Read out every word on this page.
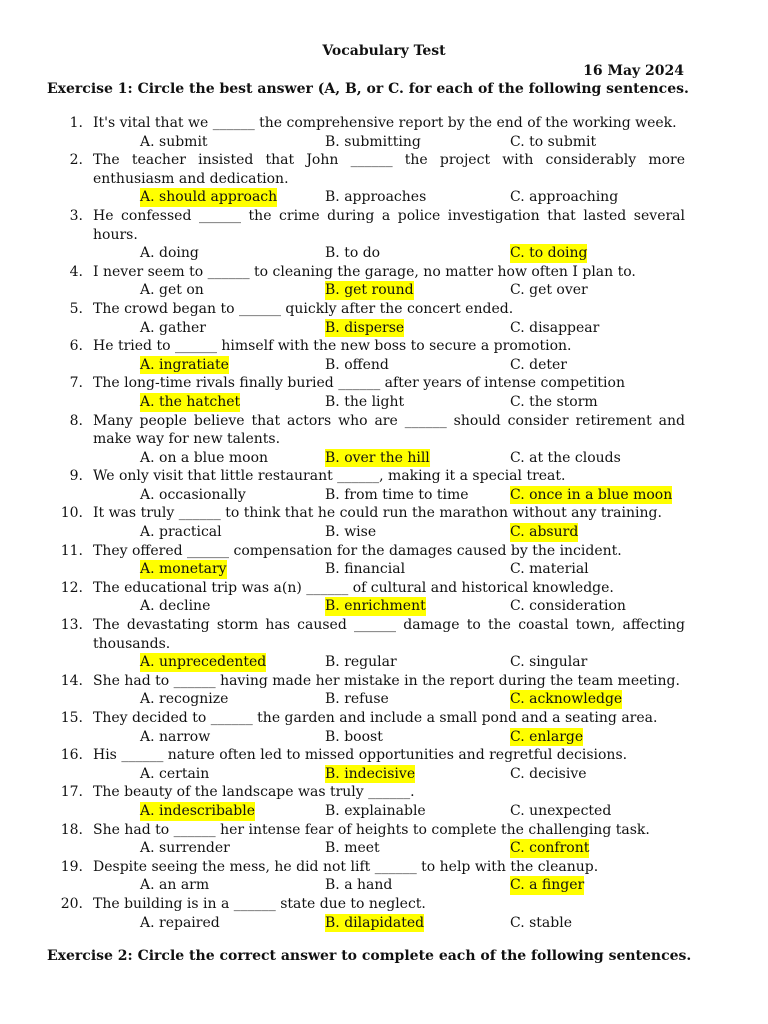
Vocabulary Test
16 May 2024
Exercise 1: Circle the best answer (A, B, or C. for each of the following sentences.
1. It's vital that we ______ the comprehensive report by the end of the working week.
A. submit	B. submitting	C. to submit
2. The teacher insisted that John ______ the project with considerably more enthusiasm and dedication.
A. should approach	B. approaches	C. approaching
3. He confessed ______ the crime during a police investigation that lasted several hours.
A. doing	B. to do	C. to doing
4. I never seem to ______ to cleaning the garage, no matter how often I plan to.
A. get on	B. get round	C. get over
5. The crowd began to ______ quickly after the concert ended.
A. gather	B. disperse	C. disappear
6. He tried to ______ himself with the new boss to secure a promotion.
A. ingratiate	B. offend	C. deter
7. The long-time rivals finally buried ______ after years of intense competition
A. the hatchet	B. the light	C. the storm
8. Many people believe that actors who are ______ should consider retirement and make way for new talents.
A. on a blue moon	B. over the hill	C. at the clouds
9. We only visit that little restaurant ______, making it a special treat.
A. occasionally	B. from time to time	C. once in a blue moon
10. It was truly ______ to think that he could run the marathon without any training.
A. practical	B. wise	C. absurd
11. They offered ______ compensation for the damages caused by the incident.
A. monetary	B. financial	C. material
12. The educational trip was a(n) ______ of cultural and historical knowledge.
A. decline	B. enrichment	C. consideration
13. The devastating storm has caused ______ damage to the coastal town, affecting thousands.
A. unprecedented	B. regular	C. singular
14. She had to ______ having made her mistake in the report during the team meeting.
A. recognize	B. refuse	C. acknowledge
15. They decided to ______ the garden and include a small pond and a seating area.
A. narrow	B. boost	C. enlarge
16. His ______ nature often led to missed opportunities and regretful decisions.
A. certain	B. indecisive	C. decisive
17. The beauty of the landscape was truly ______.
A. indescribable	B. explainable	C. unexpected
18. She had to ______ her intense fear of heights to complete the challenging task.
A. surrender	B. meet	C. confront
19. Despite seeing the mess, he did not lift ______ to help with the cleanup.
A. an arm	B. a hand	C. a finger
20. The building is in a ______ state due to neglect.
A. repaired	B. dilapidated	C. stable
Exercise 2: Circle the correct answer to complete each of the following sentences.
